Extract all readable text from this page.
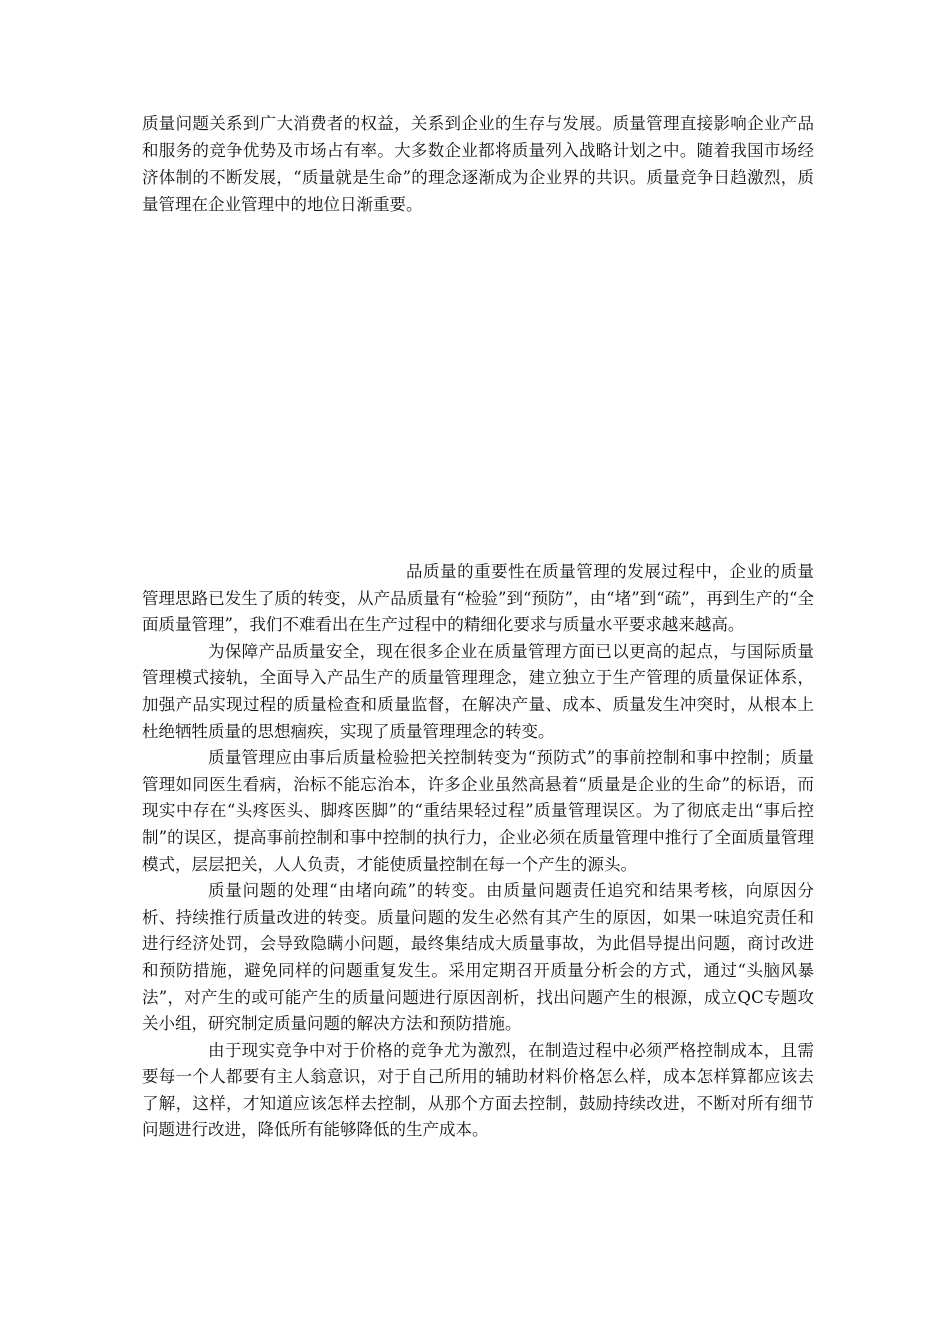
质量问题关系到广大消费者的权益，关系到企业的生存与发展。质量管理直接影响企业产品和服务的竞争优势及市场占有率。大多数企业都将质量列入战略计划之中。随着我国市场经济体制的不断发展，“质量就是生命”的理念逐渐成为企业界的共识。质量竞争日趋激烈，质量管理在企业管理中的地位日渐重要。

品质量的重要性在质量管理的发展过程中，企业的质量管理思路已发生了质的转变，从产品质量有“检验”到“预防”，由“堵”到“疏”，再到生产的“全面质量管理”，我们不难看出在生产过程中的精细化要求与质量水平要求越来越高。

为保障产品质量安全，现在很多企业在质量管理方面已以更高的起点，与国际质量管理模式接轨，全面导入产品生产的质量管理理念，建立独立于生产管理的质量保证体系，加强产品实现过程的质量检查和质量监督，在解决产量、成本、质量发生冲突时，从根本上杜绝牺牲质量的思想痼疾，实现了质量管理理念的转变。

质量管理应由事后质量检验把关控制转变为“预防式”的事前控制和事中控制；质量管理如同医生看病，治标不能忘治本，许多企业虽然高悬着“质量是企业的生命”的标语，而现实中存在“头疼医头、脚疼医脚”的“重结果轻过程”质量管理误区。为了彻底走出“事后控制”的误区，提高事前控制和事中控制的执行力，企业必须在质量管理中推行了全面质量管理模式，层层把关，人人负责，才能使质量控制在每一个产生的源头。

质量问题的处理“由堵向疏”的转变。由质量问题责任追究和结果考核，向原因分析、持续推行质量改进的转变。质量问题的发生必然有其产生的原因，如果一味追究责任和进行经济处罚，会导致隐瞒小问题，最终集结成大质量事故，为此倡导提出问题，商讨改进和预防措施，避免同样的问题重复发生。采用定期召开质量分析会的方式，通过“头脑风暴法”，对产生的或可能产生的质量问题进行原因剖析，找出问题产生的根源，成立QC专题攻关小组，研究制定质量问题的解决方法和预防措施。

由于现实竞争中对于价格的竞争尤为激烈，在制造过程中必须严格控制成本，且需要每一个人都要有主人翁意识，对于自己所用的辅助材料价格怎么样，成本怎样算都应该去了解，这样，才知道应该怎样去控制，从那个方面去控制，鼓励持续改进，不断对所有细节问题进行改进，降低所有能够降低的生产成本。
